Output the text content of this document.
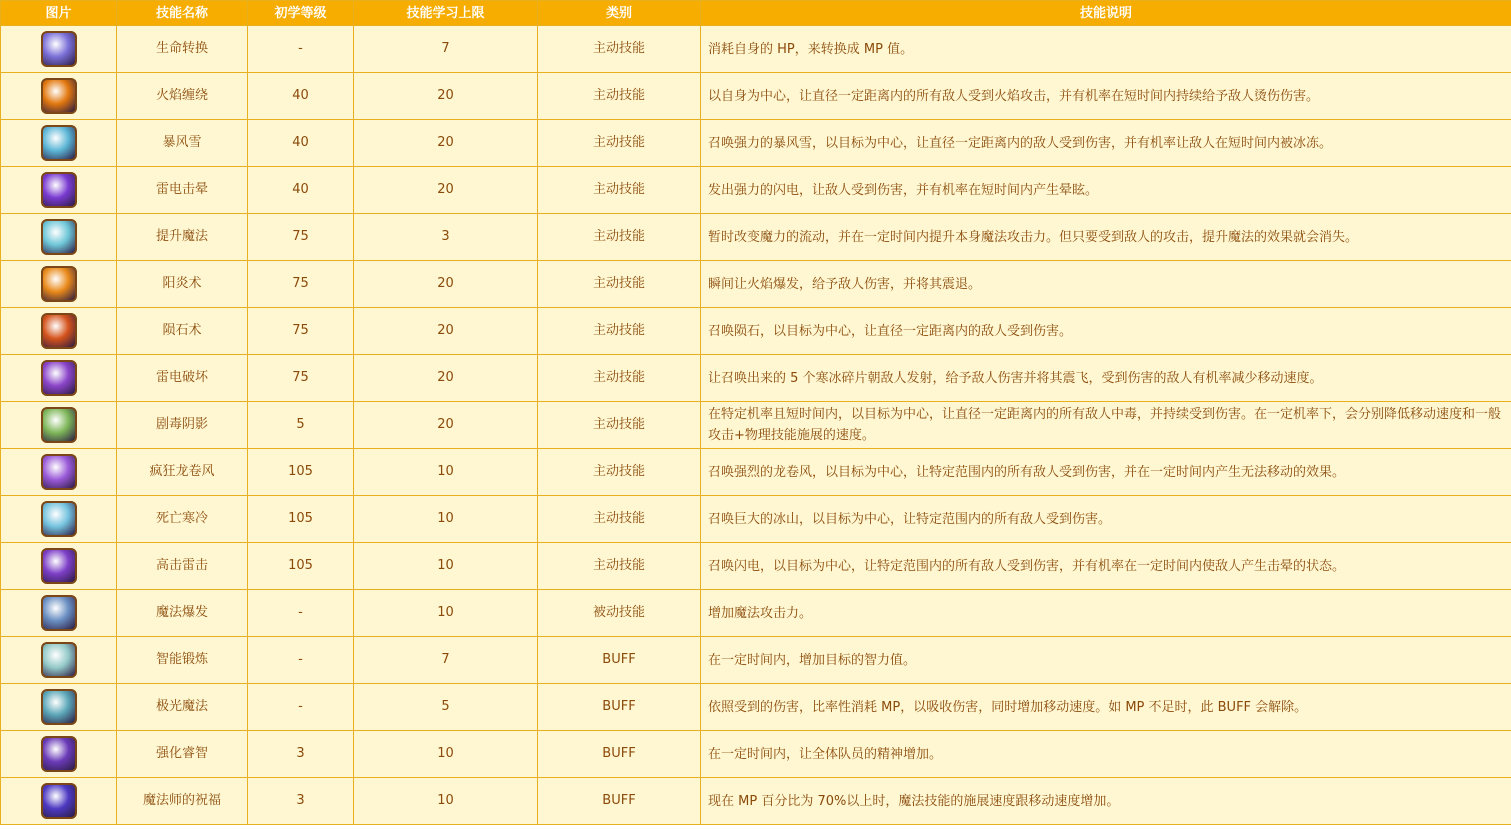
图片	技能名称	初学等级	技能学习上限	类别	技能说明

	生命转换	-	7	主动技能	消耗自身的 HP，来转换成 MP 值。

	火焰缠绕	40	20	主动技能	以自身为中心，让直径一定距离内的所有敌人受到火焰攻击，并有机率在短时间内持续给予敌人烫伤伤害。

	暴风雪	40	20	主动技能	召唤强力的暴风雪，以目标为中心，让直径一定距离内的敌人受到伤害，并有机率让敌人在短时间内被冰冻。

	雷电击晕	40	20	主动技能	发出强力的闪电，让敌人受到伤害，并有机率在短时间内产生晕眩。

	提升魔法	75	3	主动技能	暂时改变魔力的流动，并在一定时间内提升本身魔法攻击力。但只要受到敌人的攻击，提升魔法的效果就会消失。

	阳炎术	75	20	主动技能	瞬间让火焰爆发，给予敌人伤害，并将其震退。

	陨石术	75	20	主动技能	召唤陨石，以目标为中心，让直径一定距离内的敌人受到伤害。

	雷电破坏	75	20	主动技能	让召唤出来的 5 个寒冰碎片朝敌人发射，给予敌人伤害并将其震飞，受到伤害的敌人有机率减少移动速度。

	剧毒阴影	5	20	主动技能	在特定机率且短时间内，以目标为中心，让直径一定距离内的所有敌人中毒，并持续受到伤害。在一定机率下，会分别降低移动速度和一般攻击+物理技能施展的速度。

	疯狂龙卷风	105	10	主动技能	召唤强烈的龙卷风，以目标为中心，让特定范围内的所有敌人受到伤害，并在一定时间内产生无法移动的效果。

	死亡寒冷	105	10	主动技能	召唤巨大的冰山，以目标为中心，让特定范围内的所有敌人受到伤害。

	高击雷击	105	10	主动技能	召唤闪电，以目标为中心，让特定范围内的所有敌人受到伤害，并有机率在一定时间内使敌人产生击晕的状态。

	魔法爆发	-	10	被动技能	增加魔法攻击力。

	智能锻炼	-	7	BUFF	在一定时间内，增加目标的智力值。

	极光魔法	-	5	BUFF	依照受到的伤害，比率性消耗 MP，以吸收伤害，同时增加移动速度。如 MP 不足时，此 BUFF 会解除。

	强化睿智	3	10	BUFF	在一定时间内，让全体队员的精神增加。

	魔法师的祝福	3	10	BUFF	现在 MP 百分比为 70%以上时，魔法技能的施展速度跟移动速度增加。
